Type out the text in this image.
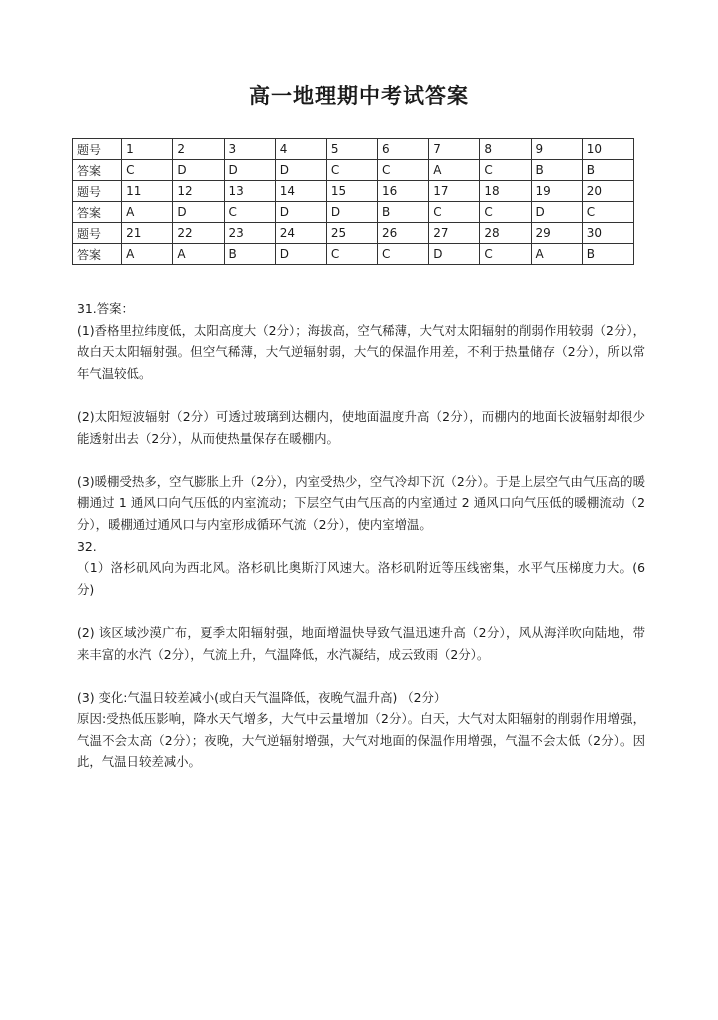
高一地理期中考试答案
题号	1	2	3	4	5	6	7	8	9	10
答案	C	D	D	D	C	C	A	C	B	B
题号	11	12	13	14	15	16	17	18	19	20
答案	A	D	C	D	D	B	C	C	D	C
题号	21	22	23	24	25	26	27	28	29	30
答案	A	A	B	D	C	C	D	C	A	B

31.答案：

(1)香格里拉纬度低，太阳高度大（2分）；海拔高，空气稀薄，大气对太阳辐射的削弱作用较弱（2分），故白天太阳辐射强。但空气稀薄，大气逆辐射弱，大气的保温作用差，不利于热量储存（2分），所以常年气温较低。

(2)太阳短波辐射（2分）可透过玻璃到达棚内，使地面温度升高（2分），而棚内的地面长波辐射却很少能透射出去（2分），从而使热量保存在暖棚内。

(3)暖棚受热多，空气膨胀上升（2分），内室受热少，空气冷却下沉（2分）。于是上层空气由气压高的暖棚通过 1 通风口向气压低的内室流动；下层空气由气压高的内室通过 2 通风口向气压低的暖棚流动（2分），暖棚通过通风口与内室形成循环气流（2分），使内室增温。

32.

（1）洛杉矶风向为西北风。洛杉矶比奥斯汀风速大。洛杉矶附近等压线密集，水平气压梯度力大。(6分)

(2) 该区域沙漠广布，夏季太阳辐射强，地面增温快导致气温迅速升高（2分），风从海洋吹向陆地，带来丰富的水汽（2分），气流上升，气温降低，水汽凝结，成云致雨（2分）。

(3) 变化:气温日较差减小(或白天气温降低，夜晚气温升高) （2分）

原因:受热低压影响，降水天气增多，大气中云量增加（2分）。白天，大气对太阳辐射的削弱作用增强，气温不会太高（2分）；夜晚，大气逆辐射增强，大气对地面的保温作用增强，气温不会太低（2分）。因此，气温日较差减小。
